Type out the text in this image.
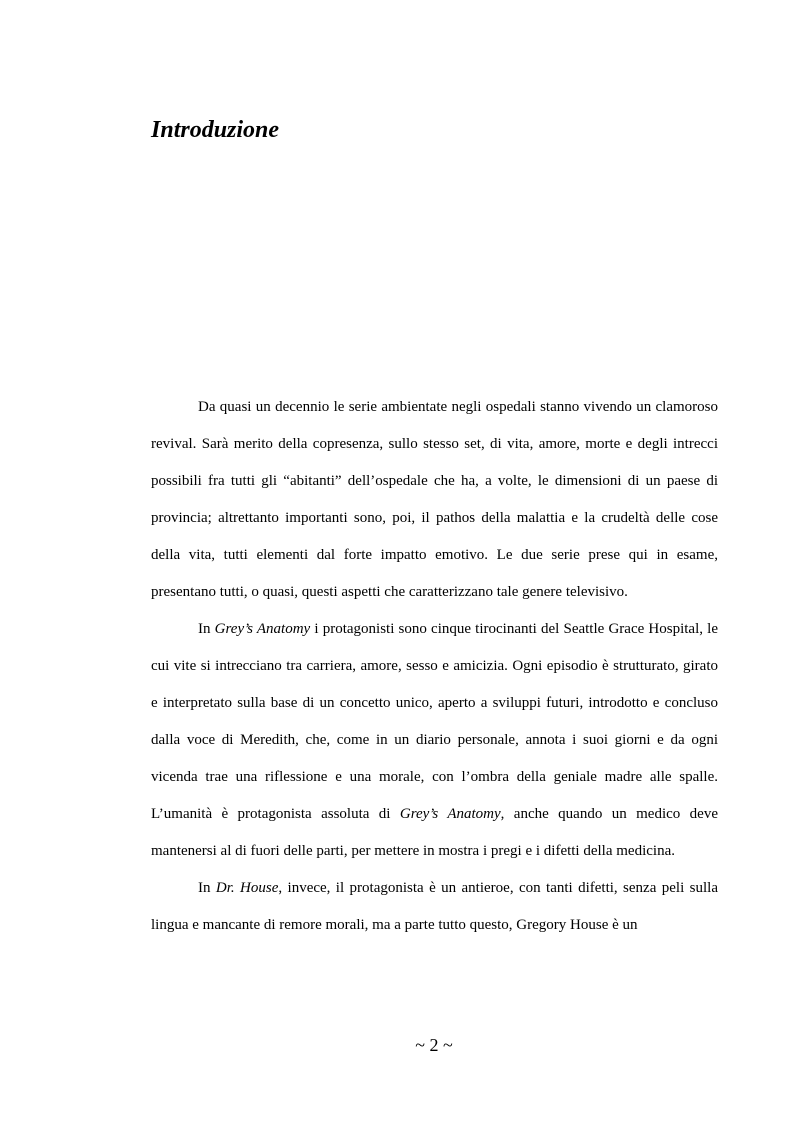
Introduzione

Da quasi un decennio le serie ambientate negli ospedali stanno vivendo un clamoroso revival. Sarà merito della copresenza, sullo stesso set, di vita, amore, morte e degli intrecci possibili fra tutti gli “abitanti” dell’ospedale che ha, a volte, le dimensioni di un paese di provincia; altrettanto importanti sono, poi, il pathos della malattia e la crudeltà delle cose della vita, tutti elementi dal forte impatto emotivo. Le due serie prese qui in esame, presentano tutti, o quasi, questi aspetti che caratterizzano tale genere televisivo.

In Grey’s Anatomy i protagonisti sono cinque tirocinanti del Seattle Grace Hospital, le cui vite si intrecciano tra carriera, amore, sesso e amicizia. Ogni episodio è strutturato, girato e interpretato sulla base di un concetto unico, aperto a sviluppi futuri, introdotto e concluso dalla voce di Meredith, che, come in un diario personale, annota i suoi giorni e da ogni vicenda trae una riflessione e una morale, con l’ombra della geniale madre alle spalle. L’umanità è protagonista assoluta di Grey’s Anatomy, anche quando un medico deve mantenersi al di fuori delle parti, per mettere in mostra i pregi e i difetti della medicina.

In Dr. House, invece, il protagonista è un antieroe, con tanti difetti, senza peli sulla lingua e mancante di remore morali, ma a parte tutto questo, Gregory House è un

~ 2 ~
